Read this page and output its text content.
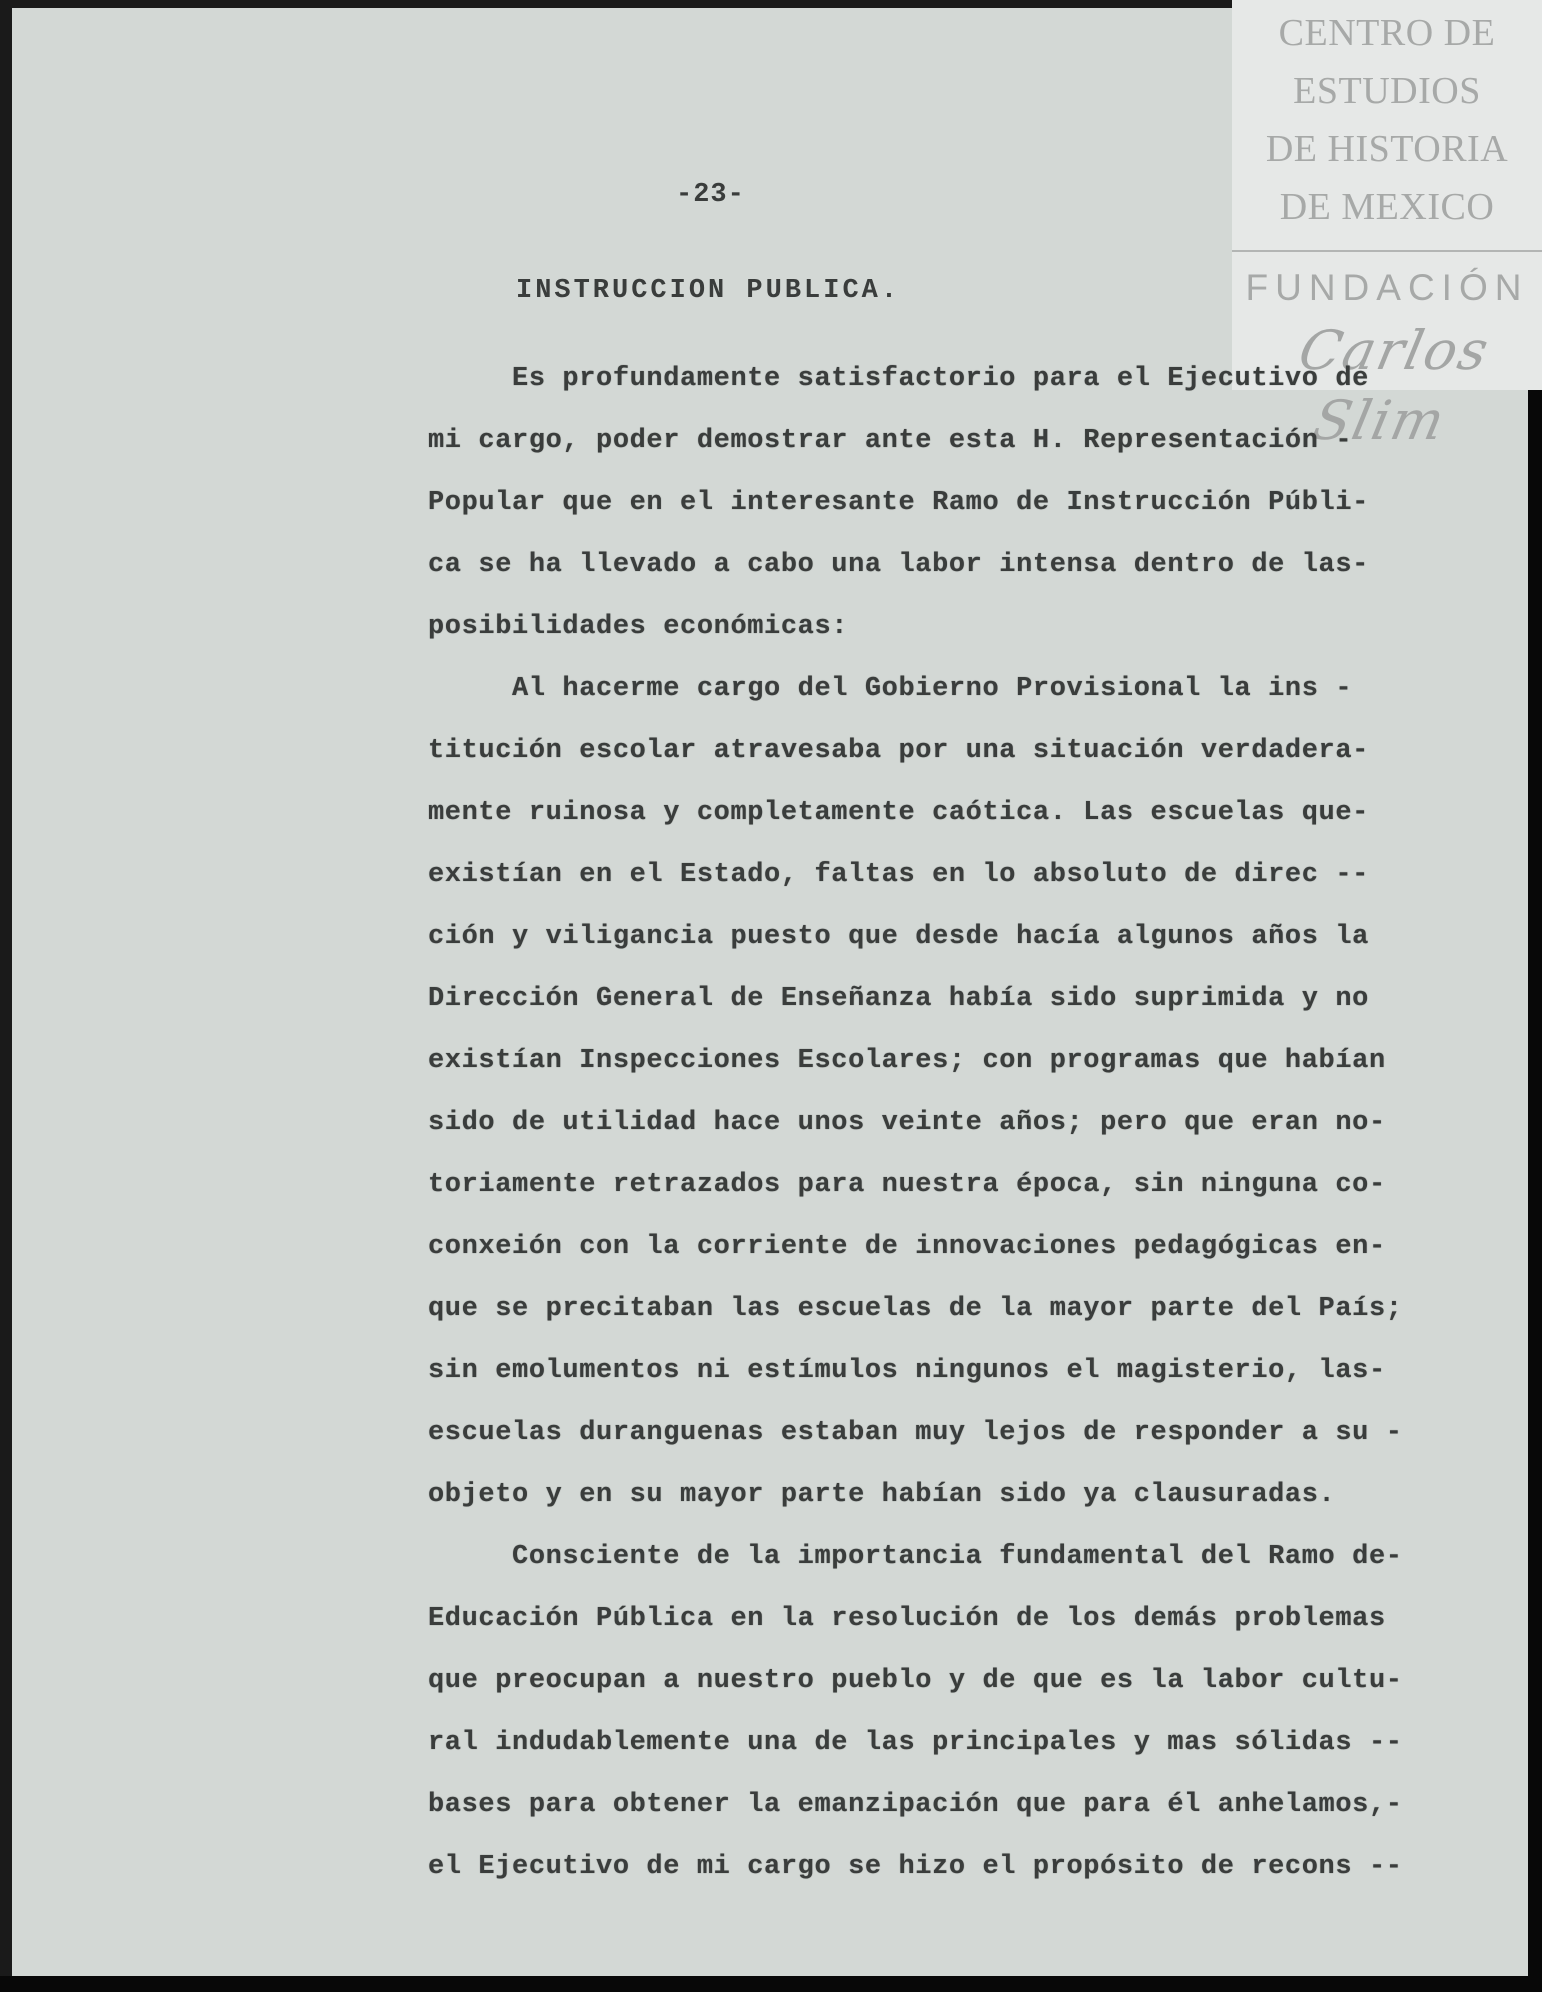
CENTRO DE
ESTUDIOS
DE HISTORIA
DE MEXICO
FUNDACIÓN
Carlos Slim
-23-
INSTRUCCION PUBLICA.
Es profundamente satisfactorio para el Ejecutivo de
mi cargo, poder demostrar ante esta H. Representación -
Popular que en el interesante Ramo de Instrucción Públi-
ca se ha llevado a cabo una labor intensa dentro de las-
posibilidades económicas:
Al hacerme cargo del Gobierno Provisional la ins -
titución escolar atravesaba por una situación verdadera-
mente ruinosa y completamente caótica. Las escuelas que-
existían en el Estado, faltas en lo absoluto de direc --
ción y viligancia puesto que desde hacía algunos años la
Dirección General de Enseñanza había sido suprimida y no
existían Inspecciones Escolares; con programas que habían
sido de utilidad hace unos veinte años; pero que eran no-
toriamente retrazados para nuestra época, sin ninguna co-
conxeión con la corriente de innovaciones pedagógicas en-
que se precitaban las escuelas de la mayor parte del País;
sin emolumentos ni estímulos ningunos el magisterio, las-
escuelas duranguenas estaban muy lejos de responder a su -
objeto y en su mayor parte habían sido ya clausuradas.
Consciente de la importancia fundamental del Ramo de-
Educación Pública en la resolución de los demás problemas
que preocupan a nuestro pueblo y de que es la labor cultu-
ral indudablemente una de las principales y mas sólidas --
bases para obtener la emanzipación que para él anhelamos,-
el Ejecutivo de mi cargo se hizo el propósito de recons --
